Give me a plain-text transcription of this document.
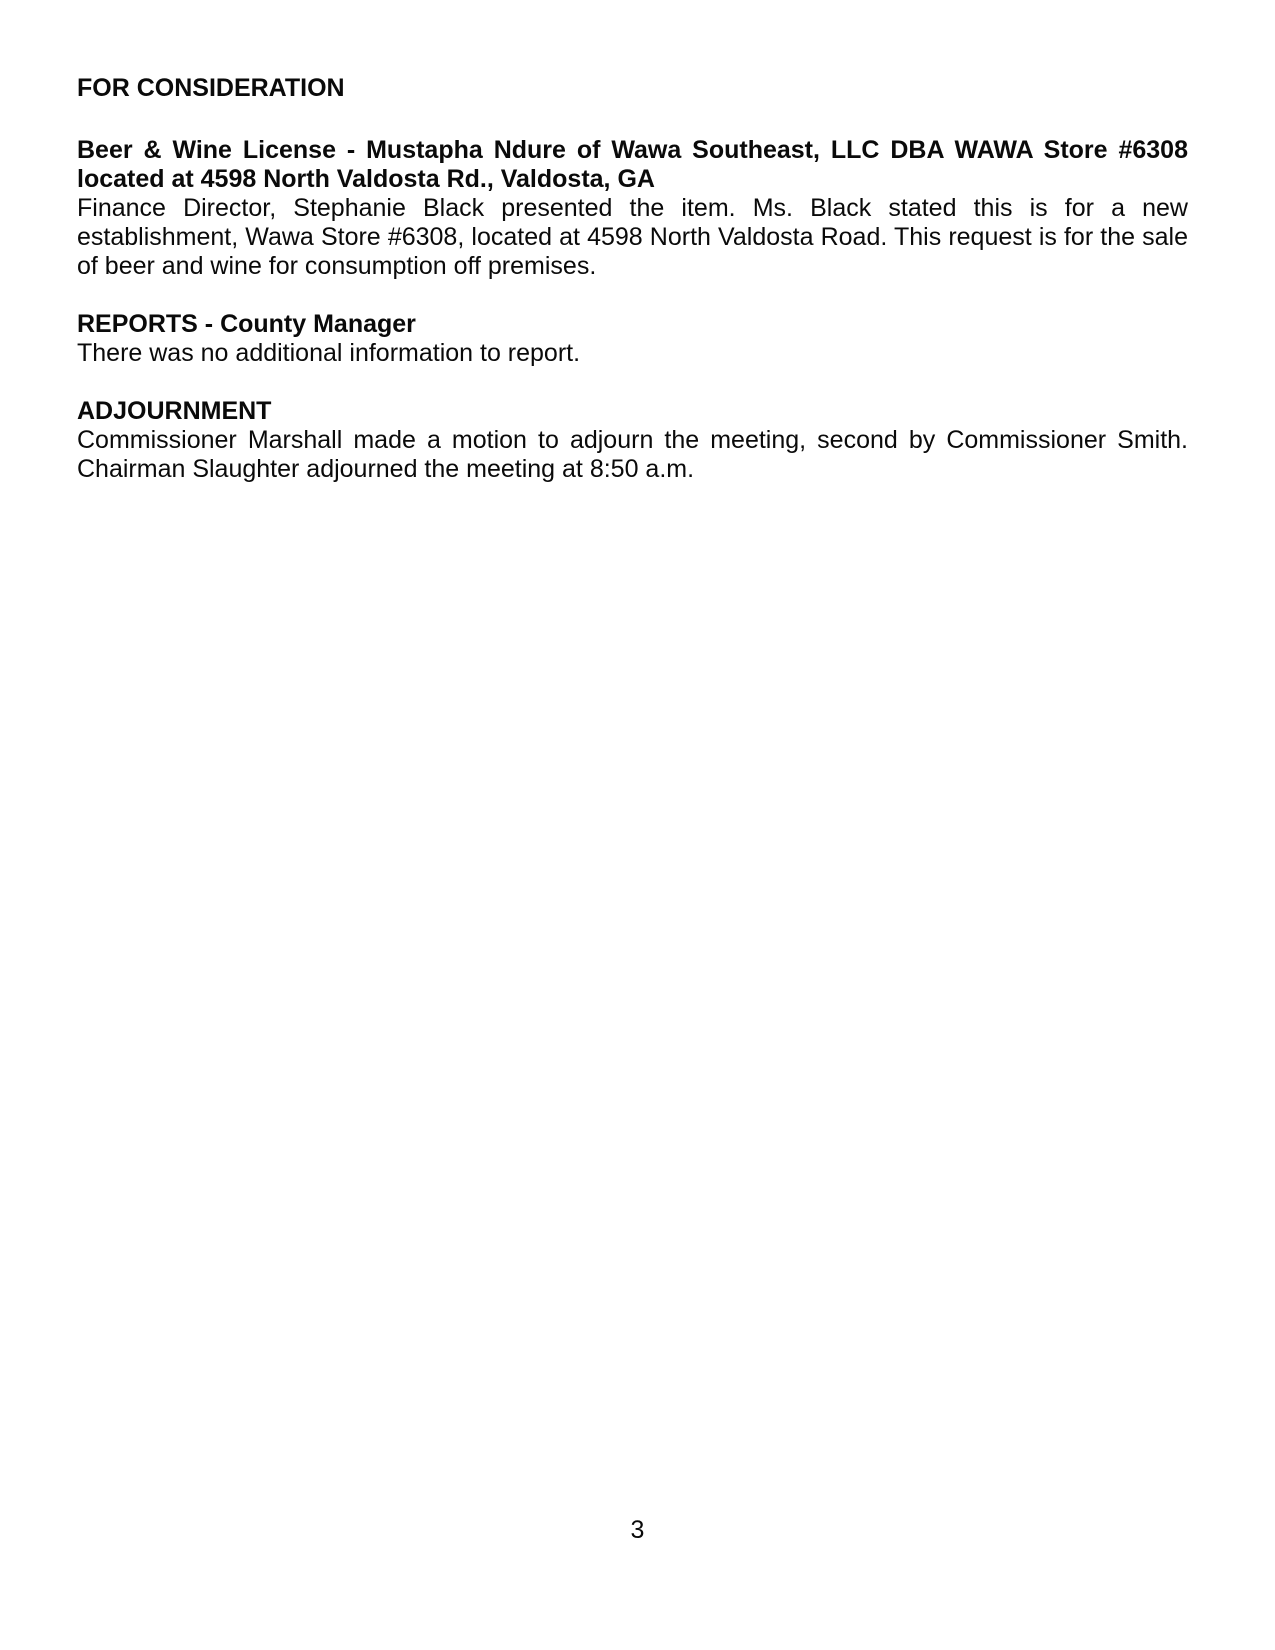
FOR CONSIDERATION

Beer & Wine License - Mustapha Ndure of Wawa Southeast, LLC DBA WAWA Store #6308 located at 4598 North Valdosta Rd., Valdosta, GA

Finance Director, Stephanie Black presented the item. Ms. Black stated this is for a new establishment, Wawa Store #6308, located at 4598 North Valdosta Road. This request is for the sale of beer and wine for consumption off premises.

REPORTS - County Manager

There was no additional information to report.

ADJOURNMENT

Commissioner Marshall made a motion to adjourn the meeting, second by Commissioner Smith. Chairman Slaughter adjourned the meeting at 8:50 a.m.

3
